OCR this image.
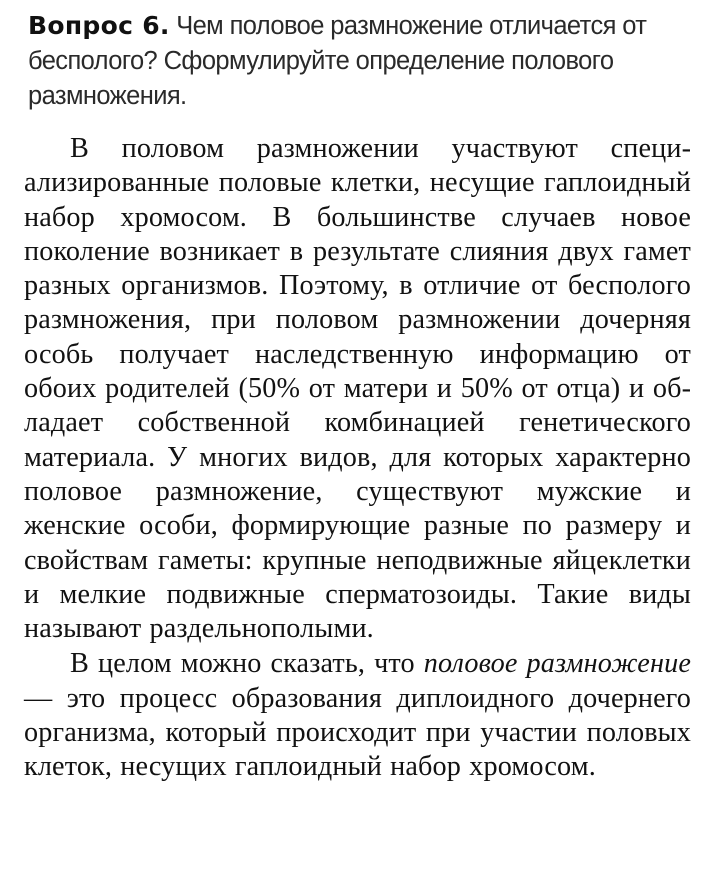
Вопрос 6. Чем половое размножение отличается от бесполого? Сформулируйте определение полового размножения.

В половом размножении участвуют специализированные половые клетки, несущие гаплоидный набор хромосом. В большинстве случаев новое поколение возникает в результате слияния двух гамет разных организмов. Поэтому, в отличие от бесполого размножения, при половом размножении дочерняя особь получает наследственную информацию от обоих родителей (50% от матери и 50% от отца) и обладает собственной комбинацией генетического материала. У многих видов, для которых характерно половое размножение, существуют мужские и женские особи, формирующие разные по размеру и свойствам гаметы: крупные неподвижные яйцеклетки и мелкие подвижные сперматозоиды. Такие виды называют раздельнополыми.

В целом можно сказать, что половое размножение — это процесс образования диплоидного дочернего организма, который происходит при участии половых клеток, несущих гаплоидный набор хромосом.
